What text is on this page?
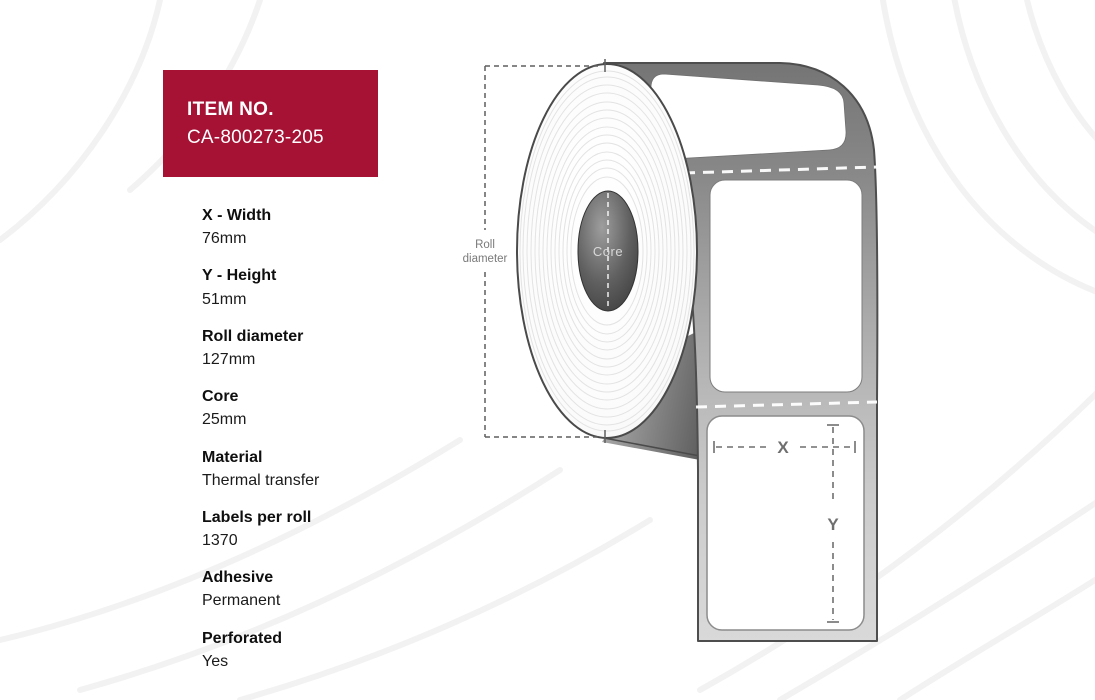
X
Y
Core
Roll
diameter
ITEM NO.
CA-800273-205
X - Width
76mm
Y - Height
51mm
Roll diameter
127mm
Core
25mm
Material
Thermal transfer
Labels per roll
1370
Adhesive
Permanent
Perforated
Yes
